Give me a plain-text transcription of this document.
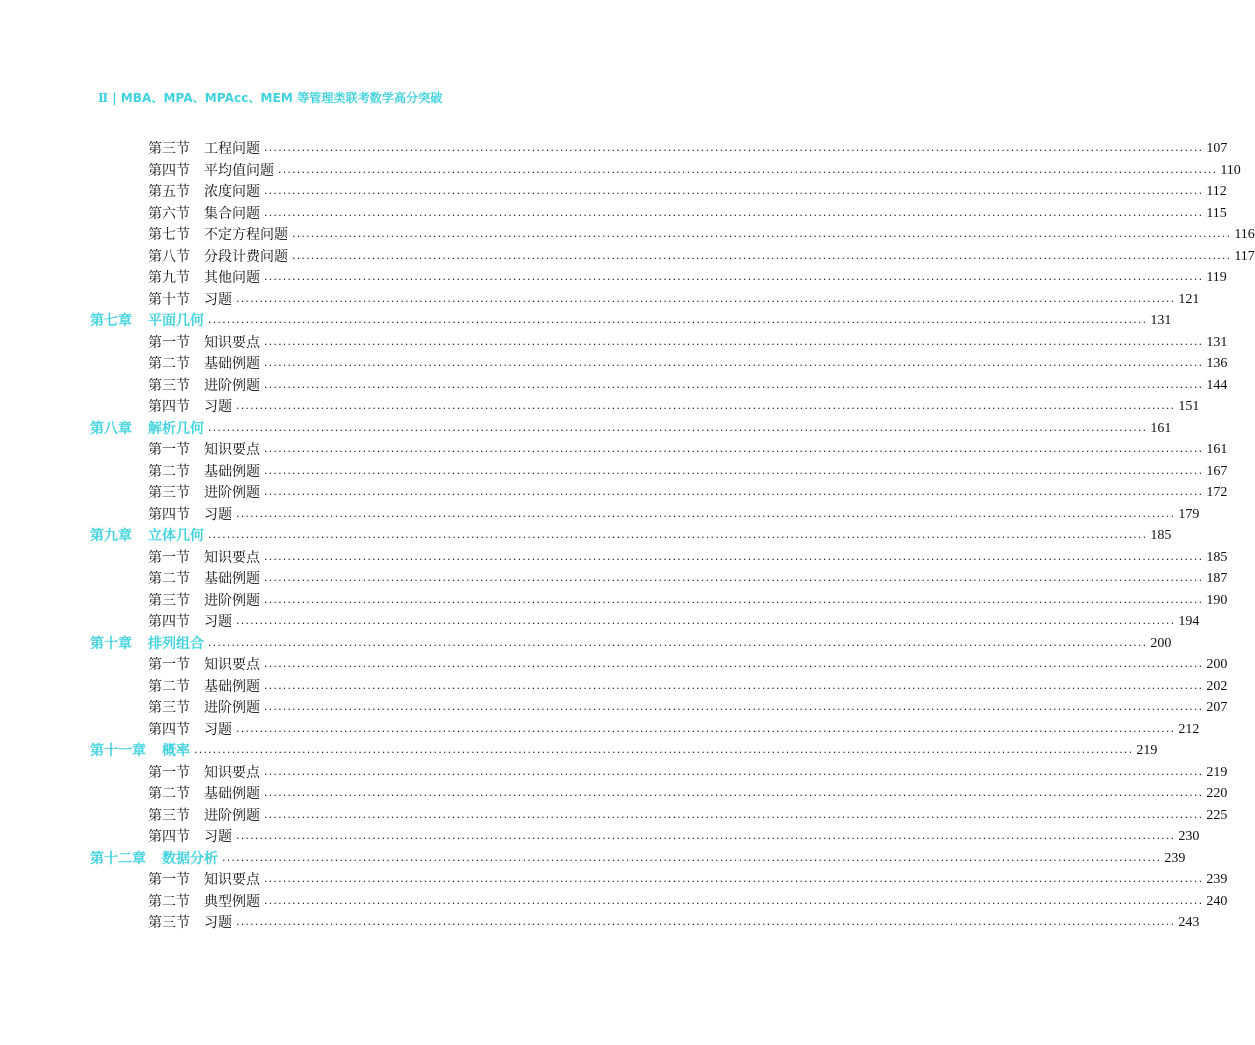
Ⅱ | MBA、MPA、MPAcc、MEM 等管理类联考数学高分突破
第三节 工程问题 ········································································································································································································ 107
第四节 平均值问题 ········································································································································································································ 110
第五节 浓度问题 ········································································································································································································ 112
第六节 集合问题 ········································································································································································································ 115
第七节 不定方程问题 ········································································································································································································ 116
第八节 分段计费问题 ········································································································································································································ 117
第九节 其他问题 ········································································································································································································ 119
第十节 习题 ········································································································································································································ 121
第七章 平面几何 ········································································································································································································ 131
第一节 知识要点 ········································································································································································································ 131
第二节 基础例题 ········································································································································································································ 136
第三节 进阶例题 ········································································································································································································ 144
第四节 习题 ········································································································································································································ 151
第八章 解析几何 ········································································································································································································ 161
第一节 知识要点 ········································································································································································································ 161
第二节 基础例题 ········································································································································································································ 167
第三节 进阶例题 ········································································································································································································ 172
第四节 习题 ········································································································································································································ 179
第九章 立体几何 ········································································································································································································ 185
第一节 知识要点 ········································································································································································································ 185
第二节 基础例题 ········································································································································································································ 187
第三节 进阶例题 ········································································································································································································ 190
第四节 习题 ········································································································································································································ 194
第十章 排列组合 ········································································································································································································ 200
第一节 知识要点 ········································································································································································································ 200
第二节 基础例题 ········································································································································································································ 202
第三节 进阶例题 ········································································································································································································ 207
第四节 习题 ········································································································································································································ 212
第十一章 概率 ········································································································································································································ 219
第一节 知识要点 ········································································································································································································ 219
第二节 基础例题 ········································································································································································································ 220
第三节 进阶例题 ········································································································································································································ 225
第四节 习题 ········································································································································································································ 230
第十二章 数据分析 ········································································································································································································ 239
第一节 知识要点 ········································································································································································································ 239
第二节 典型例题 ········································································································································································································ 240
第三节 习题 ········································································································································································································ 243
